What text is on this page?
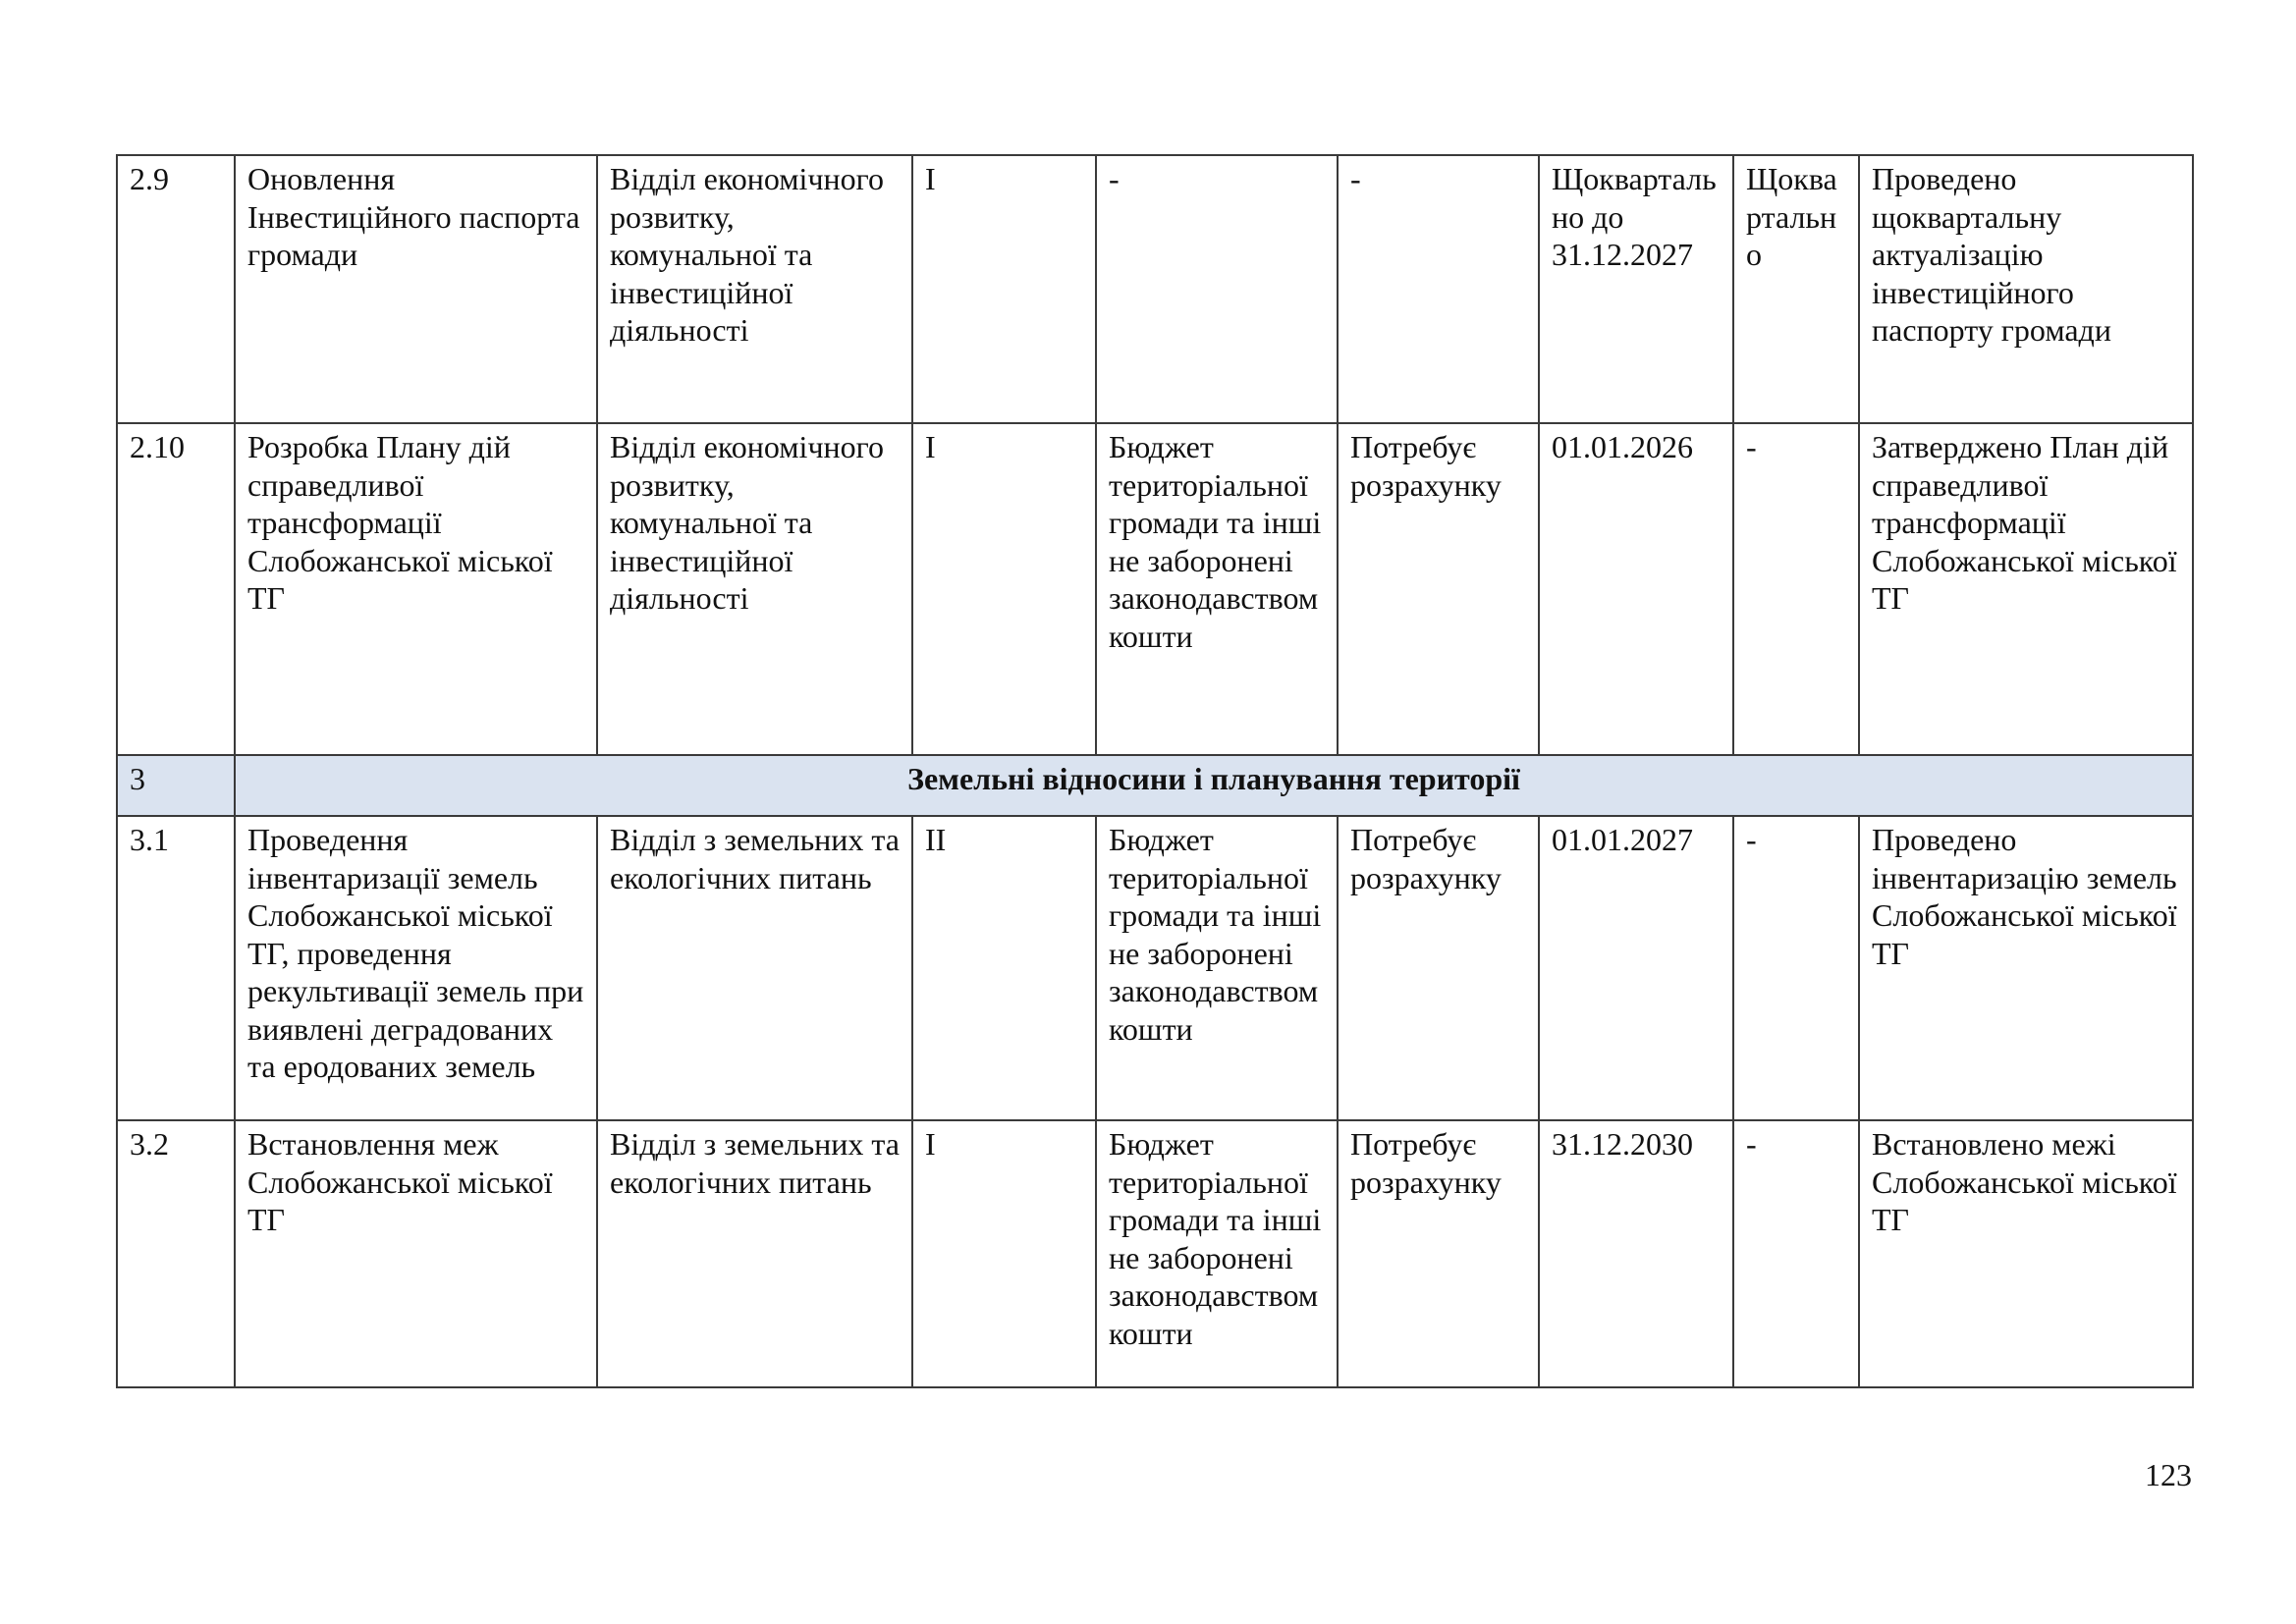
2.9	Оновлення Інвестиційного паспорта громади	Відділ економічного розвитку, комунальної та інвестиційної діяльності	І	-	-	Щоквартально до 31.12.2027	Щоквартально	Проведено щоквартальну актуалізацію інвестиційного паспорту громади
2.10	Розробка Плану дій справедливої трансформації Слобожанської міської ТГ	Відділ економічного розвитку, комунальної та інвестиційної діяльності	І	Бюджет територіальної громади та інші не заборонені законодавством кошти	Потребує розрахунку	01.01.2026	-	Затверджено План дій справедливої трансформації Слобожанської міської ТГ
3	Земельні відносини і планування території							
3.1	Проведення інвентаризації земель Слобожанської міської ТГ, проведення рекультивації земель при виявлені деградованих та еродованих земель	Відділ з земельних та екологічних питань	ІІ	Бюджет територіальної громади та інші не заборонені законодавством кошти	Потребує розрахунку	01.01.2027	-	Проведено інвентаризацію земель Слобожанської міської ТГ
3.2	Встановлення меж Слобожанської міської ТГ	Відділ з земельних та екологічних питань	І	Бюджет територіальної громади та інші не заборонені законодавством кошти	Потребує розрахунку	31.12.2030	-	Встановлено межі Слобожанської міської ТГ
123
